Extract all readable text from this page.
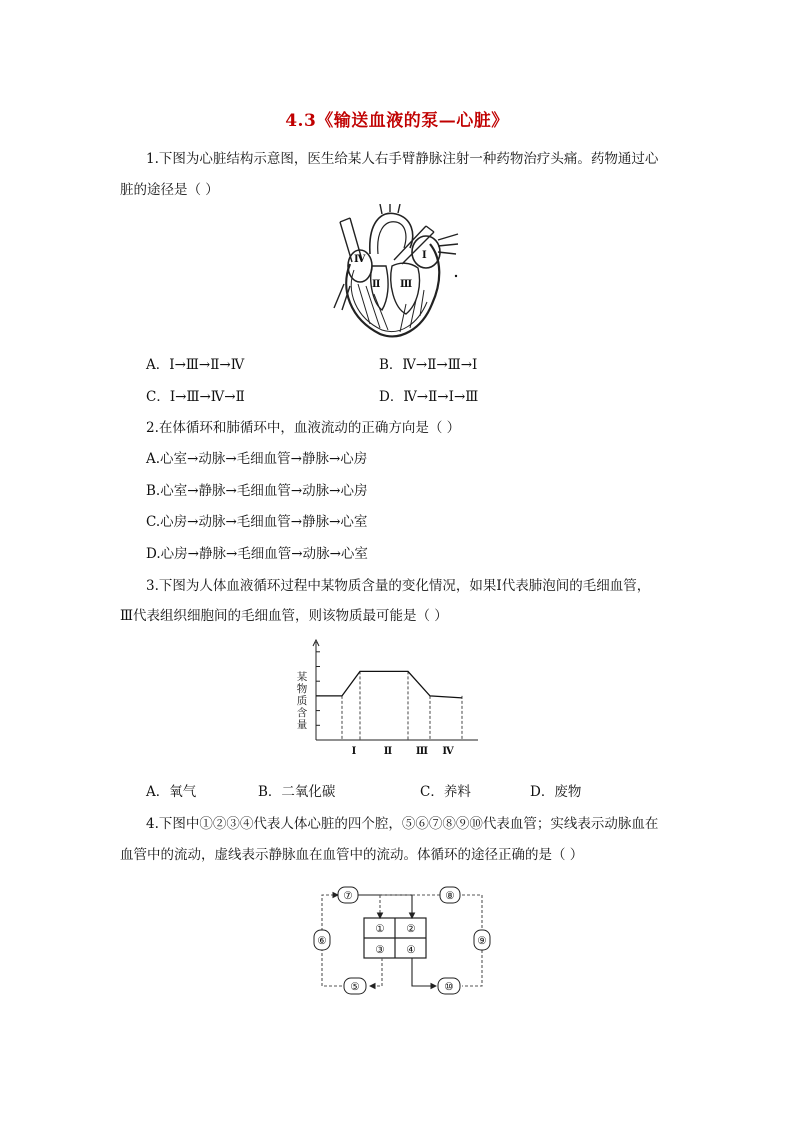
4.3《输送血液的泵—心脏》
1.下图为心脏结构示意图，医生给某人右手臂静脉注射一种药物治疗头痛。药物通过心
脏的途径是（ ）
Ⅳ
Ⅱ Ⅲ
Ⅰ
A．Ⅰ→Ⅲ→Ⅱ→Ⅳ	B．Ⅳ→Ⅱ→Ⅲ→Ⅰ
C．Ⅰ→Ⅲ→Ⅳ→Ⅱ	D．Ⅳ→Ⅱ→Ⅰ→Ⅲ
2.在体循环和肺循环中，血液流动的正确方向是（ ）
A.心室→动脉→毛细血管→静脉→心房
B.心室→静脉→毛细血管→动脉→心房
C.心房→动脉→毛细血管→静脉→心室
D.心房→静脉→毛细血管→动脉→心室
3.下图为人体血液循环过程中某物质含量的变化情况，如果Ⅰ代表肺泡间的毛细血管，
Ⅲ代表组织细胞间的毛细血管，则该物质最可能是（ ）
Ⅰ	Ⅱ Ⅲ Ⅳ
某
物
质
含
量
A．氧气	B．二氧化碳	C．养料	D．废物
4.下图中①②③④代表人体心脏的四个腔，⑤⑥⑦⑧⑨⑩代表血管；实线表示动脉血在
血管中的流动，虚线表示静脉血在血管中的流动。体循环的途径正确的是（ ）
⑦	⑧
⑥	⑨
⑤	⑩
① ②
③ ④
